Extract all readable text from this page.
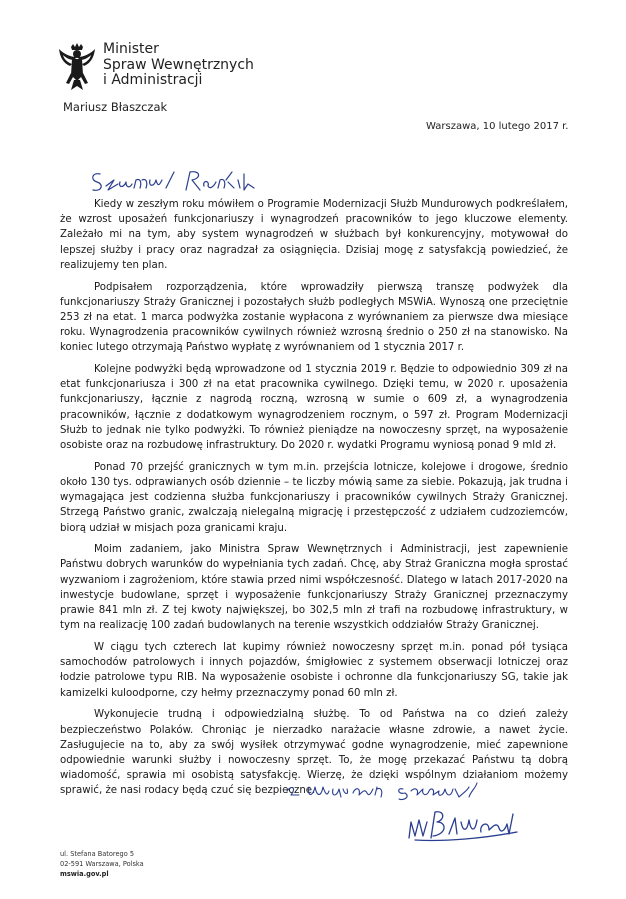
Minister
Spraw Wewnętrznych
i Administracji
Mariusz Błaszczak
Warszawa, 10 lutego 2017 r.

Kiedy w zeszłym roku mówiłem o Programie Modernizacji Służb Mundurowych podkreślałem, że wzrost uposażeń funkcjonariuszy i wynagrodzeń pracowników to jego kluczowe elementy. Zależało mi na tym, aby system wynagrodzeń w służbach był konkurencyjny, motywował do lepszej służby i pracy oraz nagradzał za osiągnięcia. Dzisiaj mogę z satysfakcją powiedzieć, że realizujemy ten plan.

Podpisałem rozporządzenia, które wprowadziły pierwszą transzę podwyżek dla funkcjonariuszy Straży Granicznej i pozostałych służb podległych MSWiA. Wynoszą one przeciętnie 253 zł na etat. 1 marca podwyżka zostanie wypłacona z wyrównaniem za pierwsze dwa miesiące roku. Wynagrodzenia pracowników cywilnych również wzrosną średnio o 250 zł na stanowisko. Na koniec lutego otrzymają Państwo wypłatę z wyrównaniem od 1 stycznia 2017 r.

Kolejne podwyżki będą wprowadzone od 1 stycznia 2019 r. Będzie to odpowiednio 309 zł na etat funkcjonariusza i 300 zł na etat pracownika cywilnego. Dzięki temu, w 2020 r. uposażenia funkcjonariuszy, łącznie z nagrodą roczną, wzrosną w sumie o 609 zł, a wynagrodzenia pracowników, łącznie z dodatkowym wynagrodzeniem rocznym, o 597 zł. Program Modernizacji Służb to jednak nie tylko podwyżki. To również pieniądze na nowoczesny sprzęt, na wyposażenie osobiste oraz na rozbudowę infrastruktury. Do 2020 r. wydatki Programu wyniosą ponad 9 mld zł.

Ponad 70 przejść granicznych w tym m.in. przejścia lotnicze, kolejowe i drogowe, średnio około 130 tys. odprawianych osób dziennie – te liczby mówią same za siebie. Pokazują, jak trudna i wymagająca jest codzienna służba funkcjonariuszy i pracowników cywilnych Straży Granicznej. Strzegą Państwo granic, zwalczają nielegalną migrację i przestępczość z udziałem cudzoziemców, biorą udział w misjach poza granicami kraju.

Moim zadaniem, jako Ministra Spraw Wewnętrznych i Administracji, jest zapewnienie Państwu dobrych warunków do wypełniania tych zadań. Chcę, aby Straż Graniczna mogła sprostać wyzwaniom i zagrożeniom, które stawia przed nimi współczesność. Dlatego w latach 2017-2020 na inwestycje budowlane, sprzęt i wyposażenie funkcjonariuszy Straży Granicznej przeznaczymy prawie 841 mln zł. Z tej kwoty największej, bo 302,5 mln zł trafi na rozbudowę infrastruktury, w tym na realizację 100 zadań budowlanych na terenie wszystkich oddziałów Straży Granicznej.

W ciągu tych czterech lat kupimy również nowoczesny sprzęt m.in. ponad pół tysiąca samochodów patrolowych i innych pojazdów, śmigłowiec z systemem obserwacji lotniczej oraz łodzie patrolowe typu RIB. Na wyposażenie osobiste i ochronne dla funkcjonariuszy SG, takie jak kamizelki kuloodporne, czy hełmy przeznaczymy ponad 60 mln zł.

Wykonujecie trudną i odpowiedzialną służbę. To od Państwa na co dzień zależy bezpieczeństwo Polaków. Chroniąc je nierzadko narażacie własne zdrowie, a nawet życie. Zasługujecie na to, aby za swój wysiłek otrzymywać godne wynagrodzenie, mieć zapewnione odpowiednie warunki służby i nowoczesny sprzęt. To, że mogę przekazać Państwu tą dobrą wiadomość, sprawia mi osobistą satysfakcję. Wierzę, że dzięki wspólnym działaniom możemy sprawić, że nasi rodacy będą czuć się bezpieczne.

ul. Stefana Batorego 5
02-591 Warszawa, Polska
mswia.gov.pl
